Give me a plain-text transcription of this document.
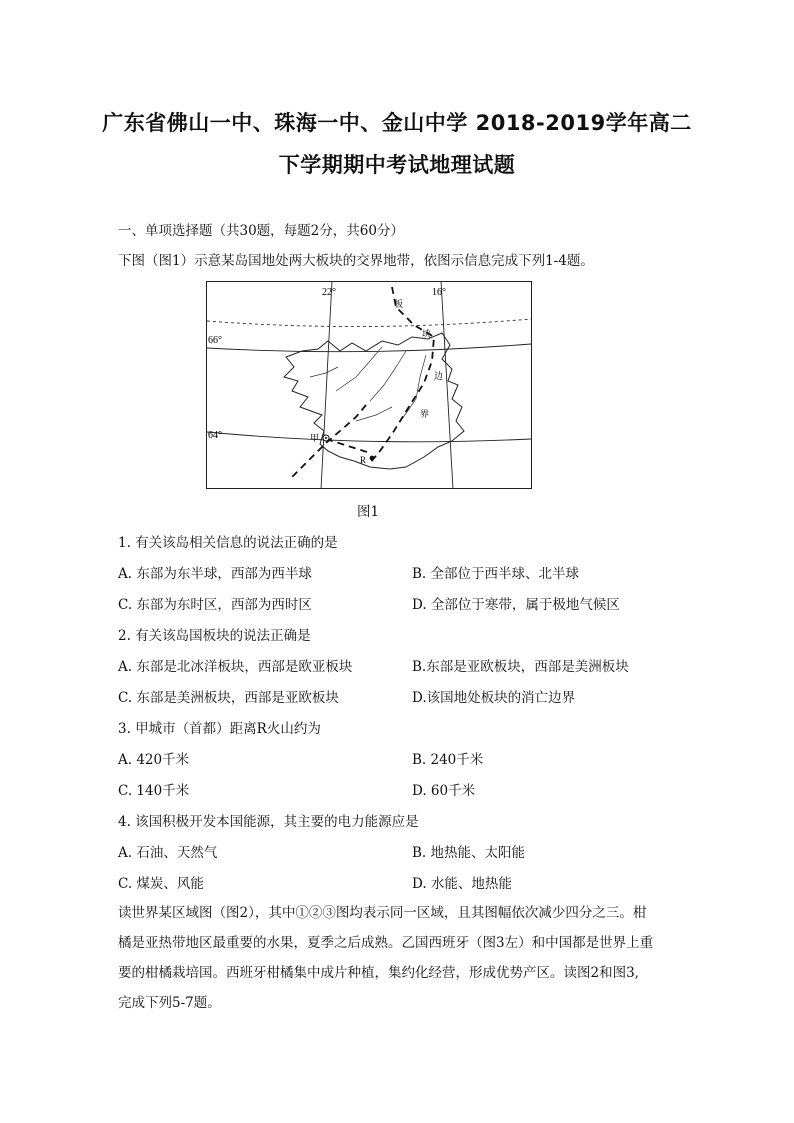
广东省佛山一中、珠海一中、金山中学 2018-2019学年高二
下学期期中考试地理试题
一、单项选择题（共30题，每题2分，共60分）
下图（图1）示意某岛国地处两大板块的交界地带，依图示信息完成下列1-4题。
22°	16°
66°
64°
板
块
边
界
甲
R
图1
1. 有关该岛相关信息的说法正确的是
A. 东部为东半球，西部为西半球	B. 全部位于西半球、北半球
C. 东部为东时区，西部为西时区	D. 全部位于寒带，属于极地气候区
2. 有关该岛国板块的说法正确是
A. 东部是北冰洋板块，西部是欧亚板块	B.东部是亚欧板块，西部是美洲板块
C. 东部是美洲板块，西部是亚欧板块	D.该国地处板块的消亡边界
3. 甲城市（首都）距离R火山约为
A. 420千米	B. 240千米
C. 140千米	D. 60千米
4. 该国积极开发本国能源，其主要的电力能源应是
A. 石油、天然气	B. 地热能、太阳能
C. 煤炭、风能	D. 水能、地热能
读世界某区域图（图2），其中①②③图均表示同一区域，且其图幅依次减少四分之三。柑
橘是亚热带地区最重要的水果，夏季之后成熟。乙国西班牙（图3左）和中国都是世界上重
要的柑橘栽培国。西班牙柑橘集中成片种植，集约化经营，形成优势产区。读图2和图3,
完成下列5-7题。
